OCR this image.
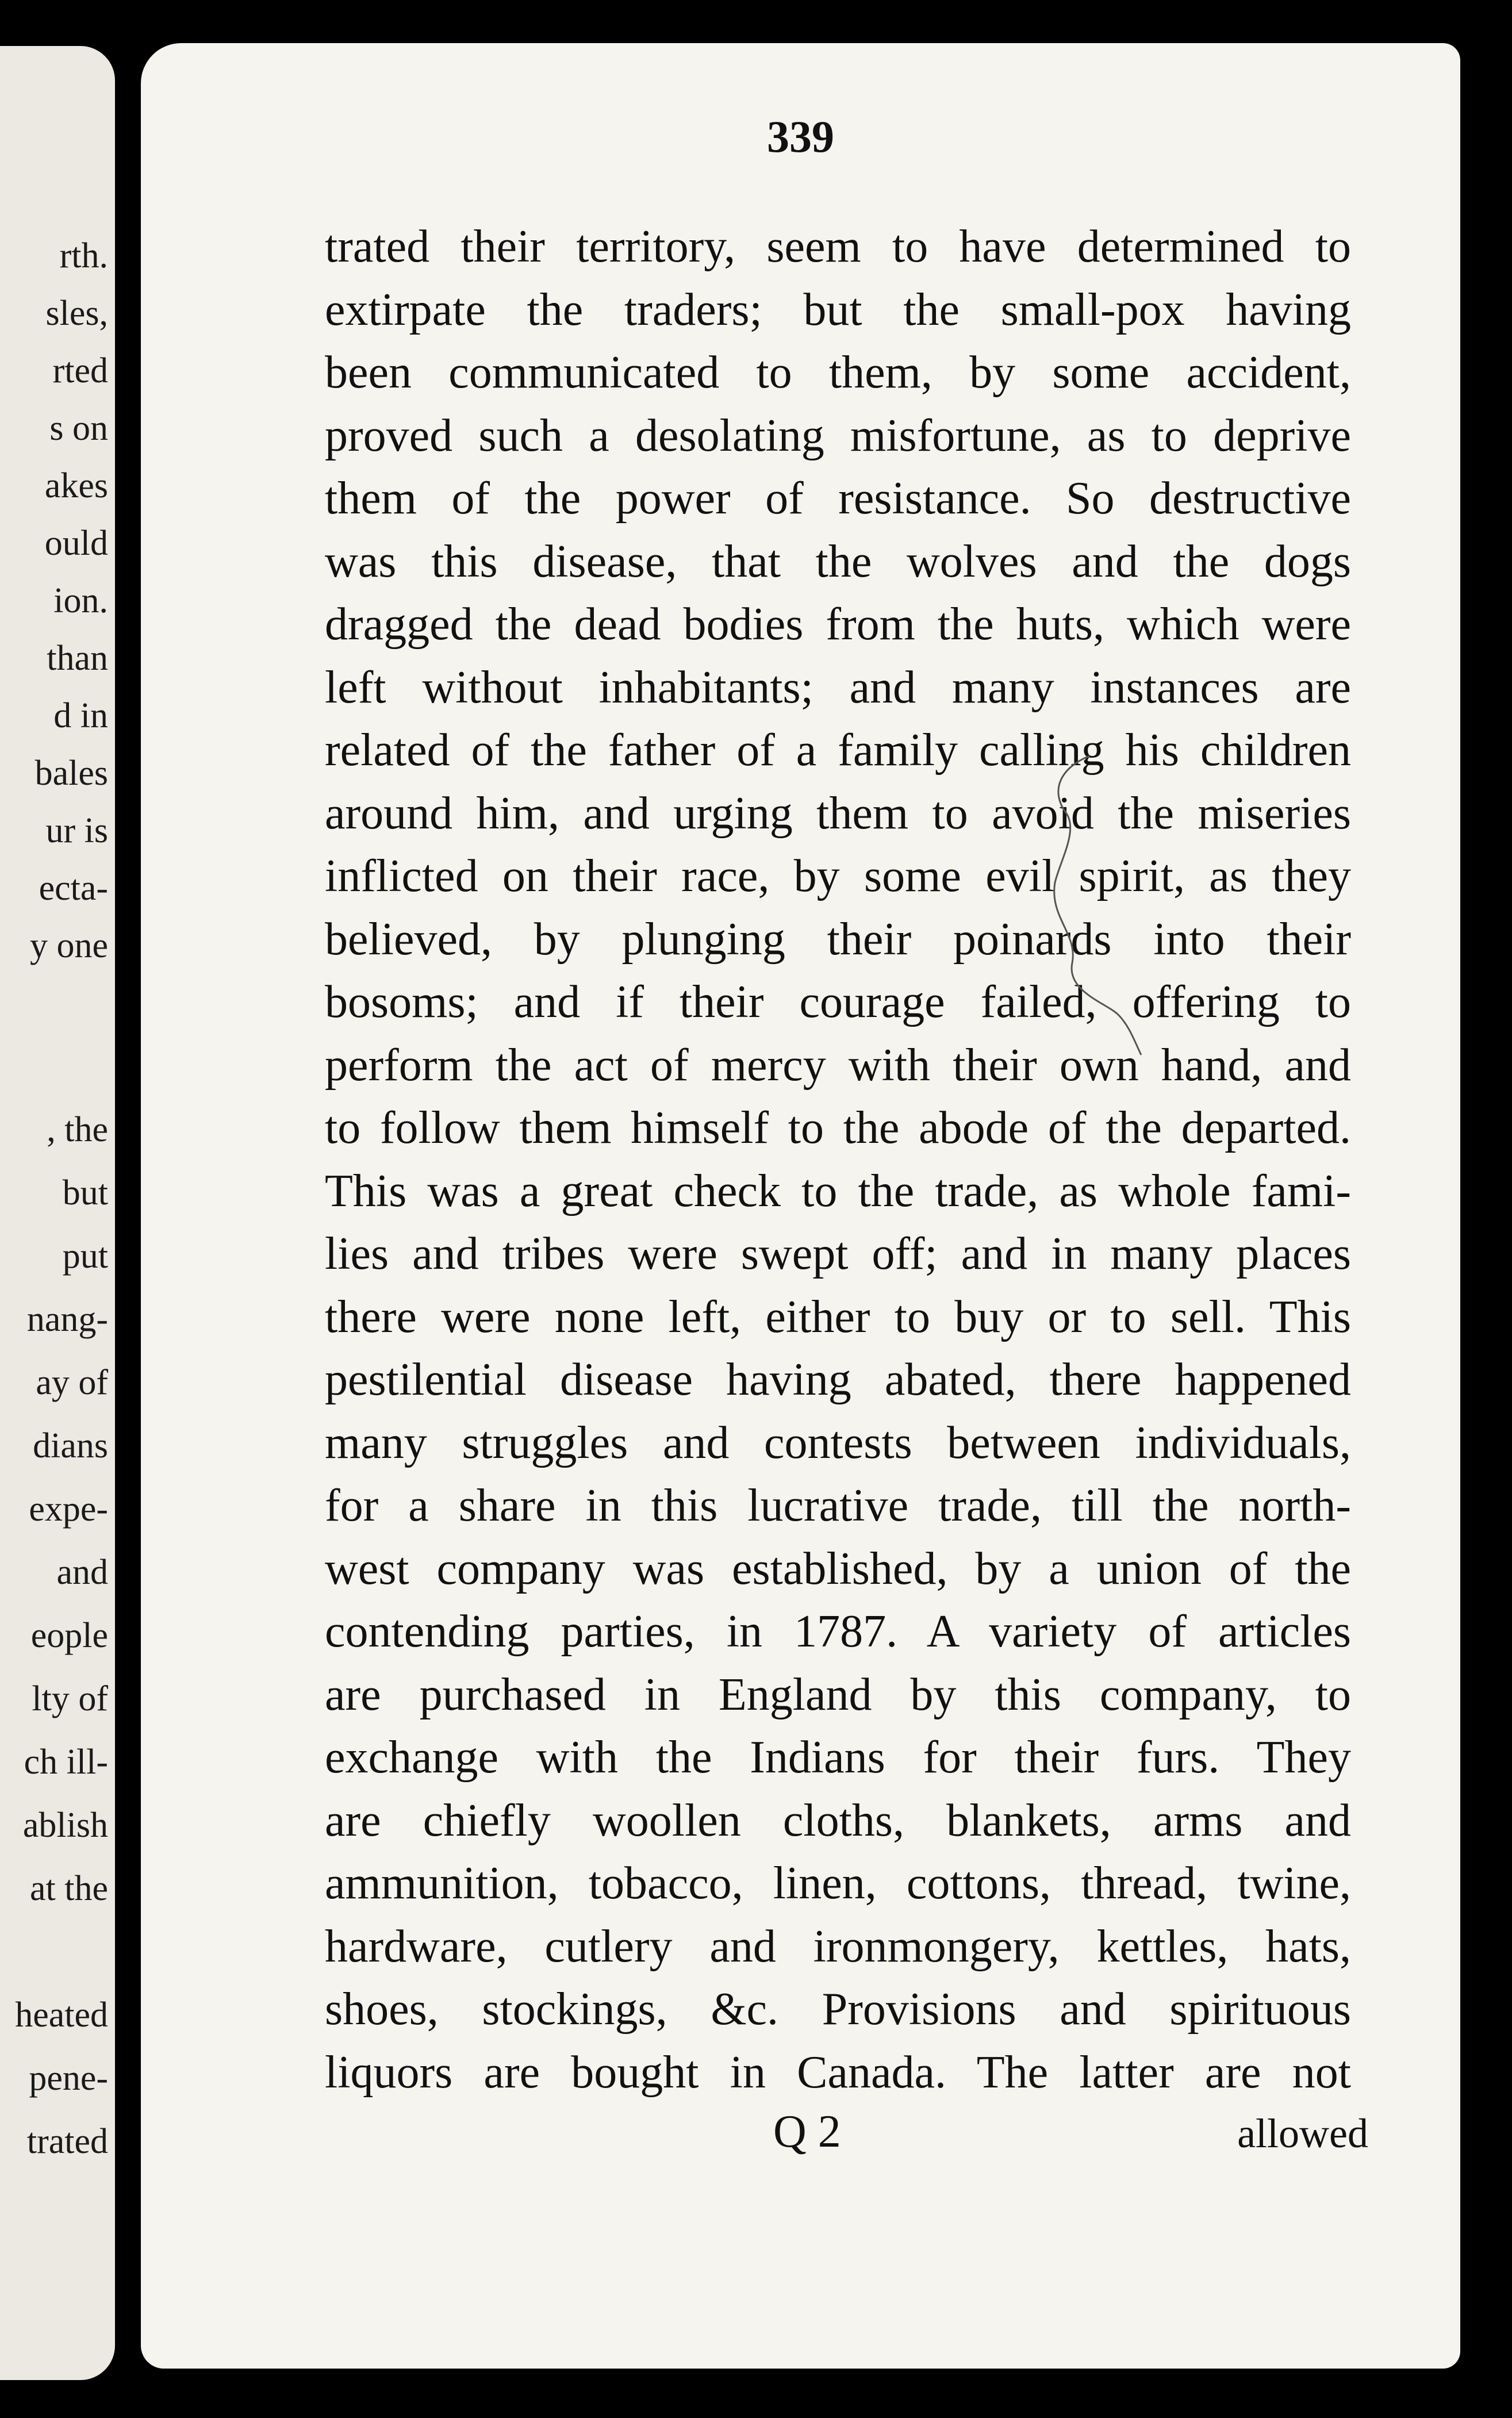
rth.
sles,
rted
s on
akes
ould
ion.
than
d in
bales
ur is
ecta-
y one
, the
but
put
nang-
ay of
dians
expe-
and
eople
lty of
ch ill-
ablish
at the
heated
pene-
trated
339
trated their territory, seem to have determined to
extirpate the traders; but the small-pox having
been communicated to them, by some accident,
proved such a desolating misfortune, as to deprive
them of the power of resistance. So destructive
was this disease, that the wolves and the dogs
dragged the dead bodies from the huts, which were
left without inhabitants; and many instances are
related of the father of a family calling his children
around him, and urging them to avoid the miseries
inflicted on their race, by some evil spirit, as they
believed, by plunging their poinards into their
bosoms; and if their courage failed, offering to
perform the act of mercy with their own hand, and
to follow them himself to the abode of the departed.
This was a great check to the trade, as whole fami-
lies and tribes were swept off; and in many places
there were none left, either to buy or to sell. This
pestilential disease having abated, there happened
many struggles and contests between individuals,
for a share in this lucrative trade, till the north-
west company was established, by a union of the
contending parties, in 1787. A variety of articles
are purchased in England by this company, to
exchange with the Indians for their furs. They
are chiefly woollen cloths, blankets, arms and
ammunition, tobacco, linen, cottons, thread, twine,
hardware, cutlery and ironmongery, kettles, hats,
shoes, stockings, &c. Provisions and spirituous
liquors are bought in Canada. The latter are not
Q 2	allowed
